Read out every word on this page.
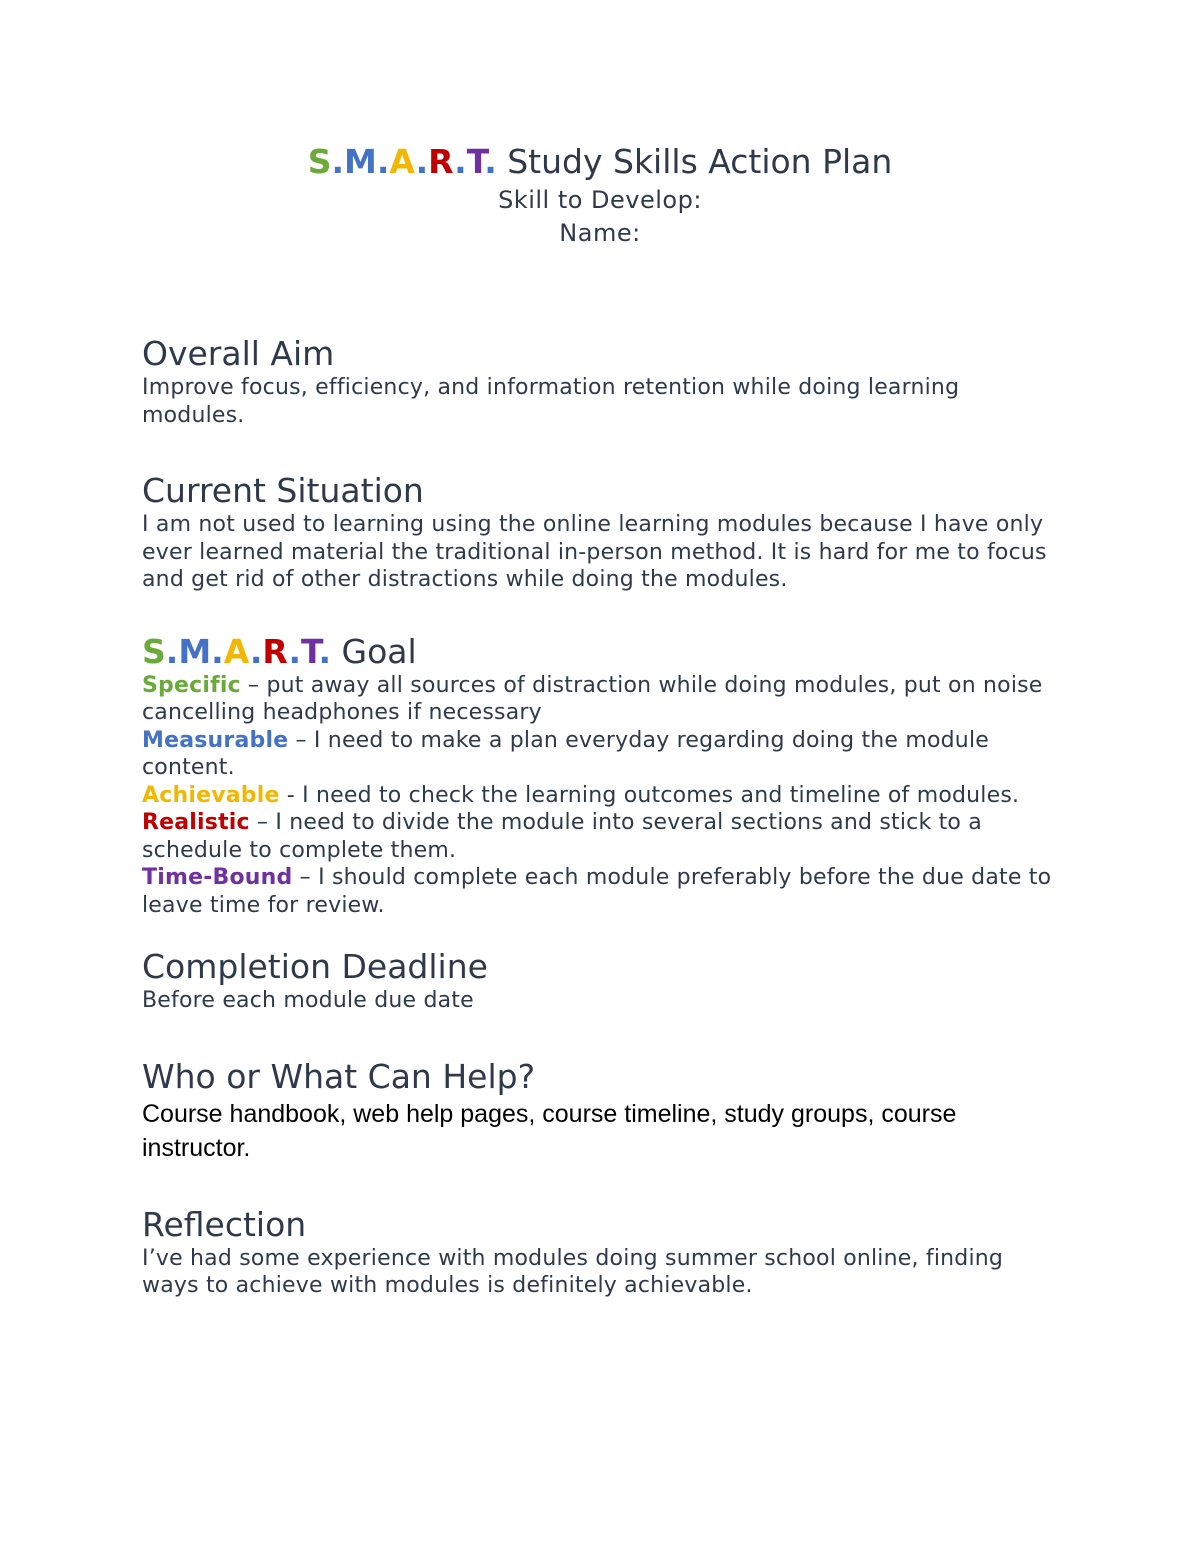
S.M.A.R.T. Study Skills Action Plan
Skill to Develop:
Name:
Overall Aim

Improve focus, efficiency, and information retention while doing learning modules.

Current Situation

I am not used to learning using the online learning modules because I have only ever learned material the traditional in-person method. It is hard for me to focus and get rid of other distractions while doing the modules.

S.M.A.R.T. Goal
Specific – put away all sources of distraction while doing modules, put on noise cancelling headphones if necessary
Measurable – I need to make a plan everyday regarding doing the module content.
Achievable - I need to check the learning outcomes and timeline of modules.
Realistic – I need to divide the module into several sections and stick to a schedule to complete them.
Time-Bound – I should complete each module preferably before the due date to leave time for review.
Completion Deadline

Before each module due date

Who or What Can Help?

Course handbook, web help pages, course timeline, study groups, course instructor.

Reflection

I’ve had some experience with modules doing summer school online, finding ways to achieve with modules is definitely achievable.
